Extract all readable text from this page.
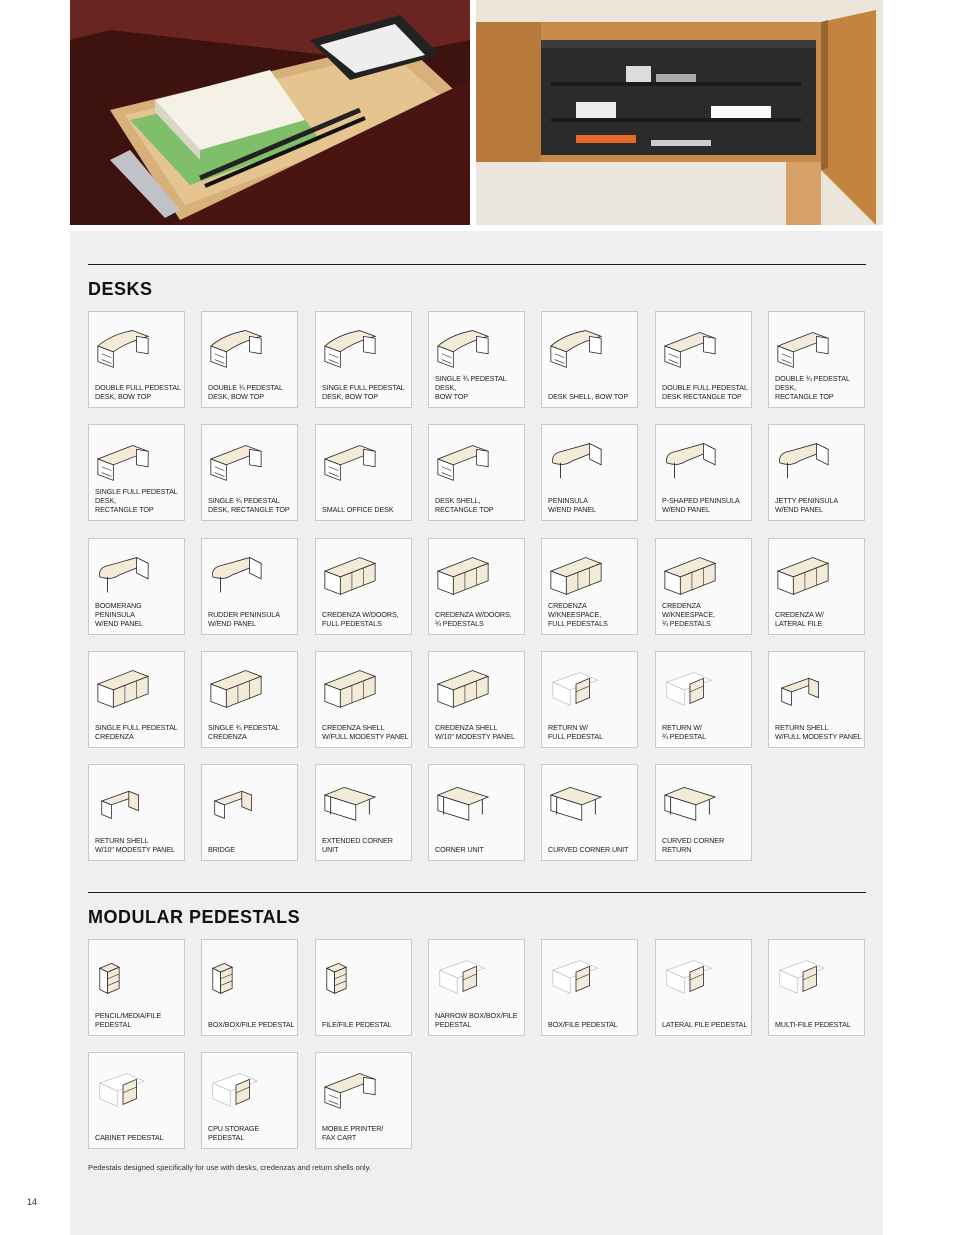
DESKS
DOUBLE FULL PEDESTAL
DESK, BOW TOP
DOUBLE ¾ PEDESTAL
DESK, BOW TOP
SINGLE FULL PEDESTAL
DESK, BOW TOP
SINGLE ¾ PEDESTAL DESK,
BOW TOP	DESK SHELL, BOW TOP
DOUBLE FULL PEDESTAL
DESK RECTANGLE TOP
DOUBLE ¾ PEDESTAL DESK,
RECTANGLE TOP
SINGLE FULL PEDESTAL DESK,
RECTANGLE TOP
SINGLE ¾ PEDESTAL
DESK, RECTANGLE TOP	SMALL OFFICE DESK
DESK SHELL,
RECTANGLE TOP
PENINSULA
W/END PANEL
P-SHAPED PENINSULA
W/END PANEL
JETTY PENINSULA
W/END PANEL
BOOMERANG PENINSULA
W/END PANEL
RUDDER PENINSULA
W/END PANEL
CREDENZA W/DOORS,
FULL PEDESTALS
CREDENZA W/DOORS,
¾ PEDESTALS
CREDENZA W/KNEESPACE,
FULL PEDESTALS
CREDENZA W/KNEESPACE,
¾ PEDESTALS
CREDENZA W/
LATERAL FILE
SINGLE FULL PEDESTAL
CREDENZA
SINGLE ¾ PEDESTAL
CREDENZA
CREDENZA SHELL
W/FULL MODESTY PANEL
CREDENZA SHELL
W/10" MODESTY PANEL
RETURN W/
FULL PEDESTAL
RETURN W/
¾ PEDESTAL
RETURN SHELL
W/FULL MODESTY PANEL
RETURN SHELL
W/10" MODESTY PANEL	BRIDGE
EXTENDED CORNER UNIT	CORNER UNIT	CURVED CORNER UNIT
CURVED CORNER RETURN
MODULAR PEDESTALS
PENCIL/MEDIA/FILE PEDESTAL	BOX/BOX/FILE PEDESTAL	FILE/FILE PEDESTAL
NARROW BOX/BOX/FILE
PEDESTAL	BOX/FILE PEDESTAL	LATERAL FILE PEDESTAL	MULTI-FILE PEDESTAL
CABINET PEDESTAL
CPU STORAGE PEDESTAL
MOBILE PRINTER/
FAX CART
Pedestals designed specifically for use with desks, credenzas and return shells only.
14
